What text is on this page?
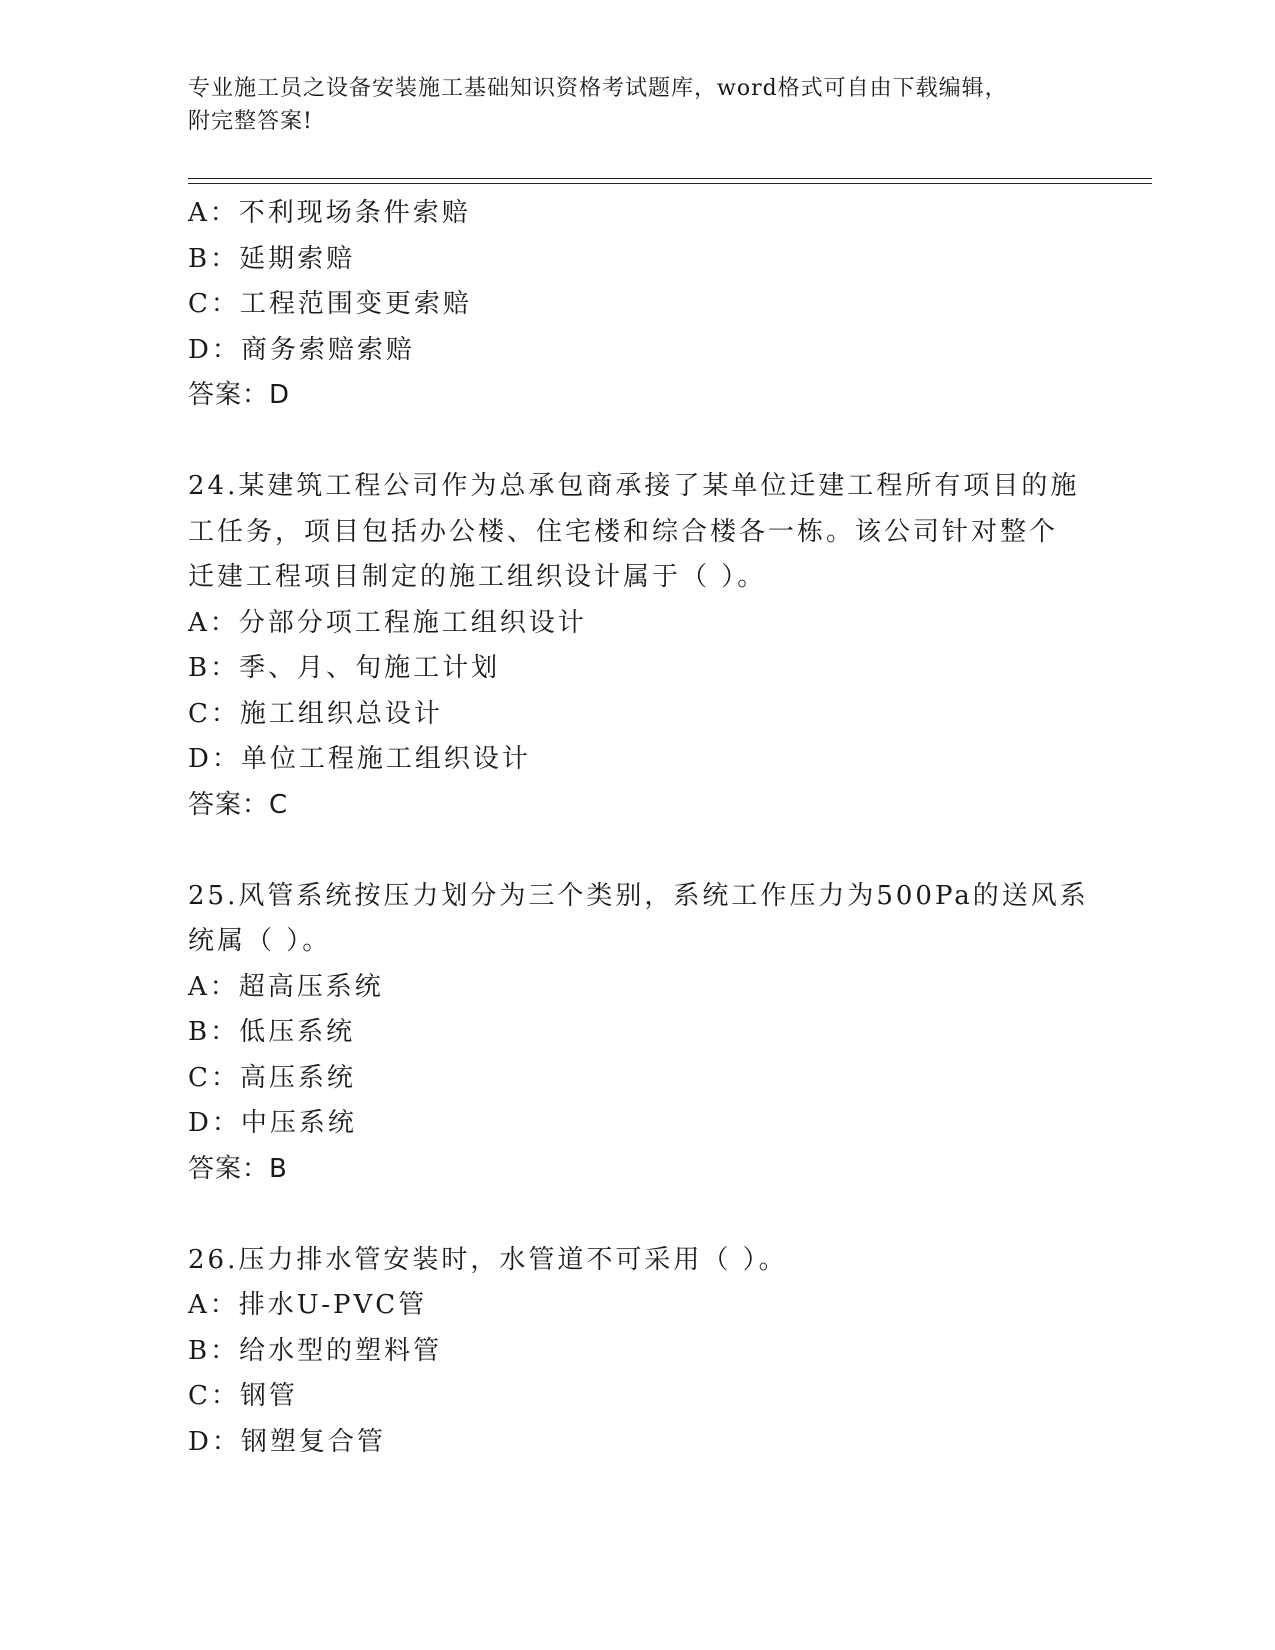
专业施工员之设备安装施工基础知识资格考试题库，word格式可自由下载编辑，
附完整答案!
A：不利现场条件索赔
B：延期索赔
C：工程范围变更索赔
D：商务索赔索赔
答案：D
24.某建筑工程公司作为总承包商承接了某单位迁建工程所有项目的施
工任务，项目包括办公楼、住宅楼和综合楼各一栋。该公司针对整个
迁建工程项目制定的施工组织设计属于（ ）。
A：分部分项工程施工组织设计
B：季、月、旬施工计划
C：施工组织总设计
D：单位工程施工组织设计
答案：C
25.风管系统按压力划分为三个类别，系统工作压力为500Pa的送风系
统属（ ）。
A：超高压系统
B：低压系统
C：高压系统
D：中压系统
答案：B
26.压力排水管安装时，水管道不可采用（ ）。
A：排水U-PVC管
B：给水型的塑料管
C：钢管
D：钢塑复合管
